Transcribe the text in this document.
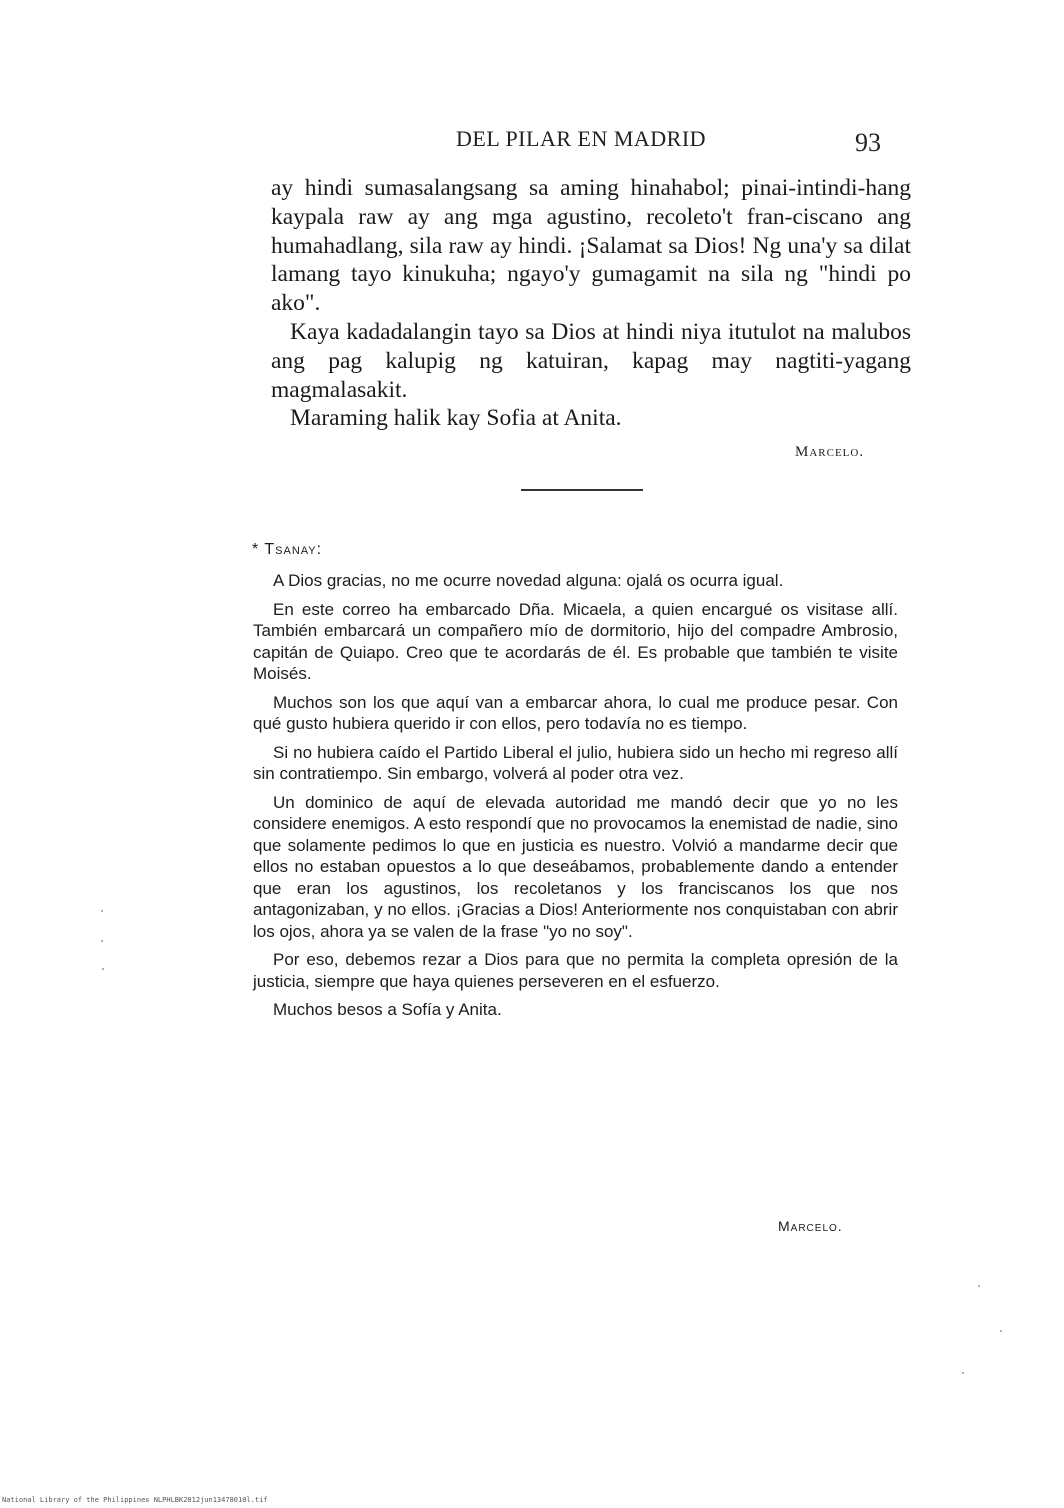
DEL PILAR EN MADRID	93

ay hindi sumasalangsang sa aming hinahabol; pinai-intindi-hang kaypala raw ay ang mga agustino, recoleto't fran-ciscano ang humahadlang, sila raw ay hindi. ¡Salamat sa Dios! Ng una'y sa dilat lamang tayo kinukuha; ngayo'y gumagamit na sila ng "hindi po ako".

Kaya kadadalangin tayo sa Dios at hindi niya itutulot na malubos ang pag kalupig ng katuiran, kapag may nagtiti-yagang magmalasakit.

Maraming halik kay Sofia at Anita.

Marcelo.
* Tsanay:

A Dios gracias, no me ocurre novedad alguna: ojalá os ocurra igual.

En este correo ha embarcado Dña. Micaela, a quien encargué os visitase allí. También embarcará un compañero mío de dormitorio, hijo del compadre Ambrosio, capitán de Quiapo. Creo que te acordarás de él. Es probable que también te visite Moisés.

Muchos son los que aquí van a embarcar ahora, lo cual me produce pesar. Con qué gusto hubiera querido ir con ellos, pero todavía no es tiempo.

Si no hubiera caído el Partido Liberal el julio, hubiera sido un hecho mi regreso allí sin contratiempo. Sin embargo, volverá al poder otra vez.

Un dominico de aquí de elevada autoridad me mandó decir que yo no les considere enemigos. A esto respondí que no provocamos la enemistad de nadie, sino que solamente pedimos lo que en justicia es nuestro. Volvió a mandarme decir que ellos no estaban opuestos a lo que deseábamos, probablemente dando a entender que eran los agustinos, los recoletanos y los franciscanos los que nos antagonizaban, y no ellos. ¡Gracias a Dios! Anteriormente nos conquistaban con abrir los ojos, ahora ya se valen de la frase "yo no soy".

Por eso, debemos rezar a Dios para que no permita la completa opresión de la justicia, siempre que haya quienes perseveren en el esfuerzo.

Muchos besos a Sofía y Anita.

Marcelo.
National Library of the Philippines NLPHLBK2012jun13478010l.tif
